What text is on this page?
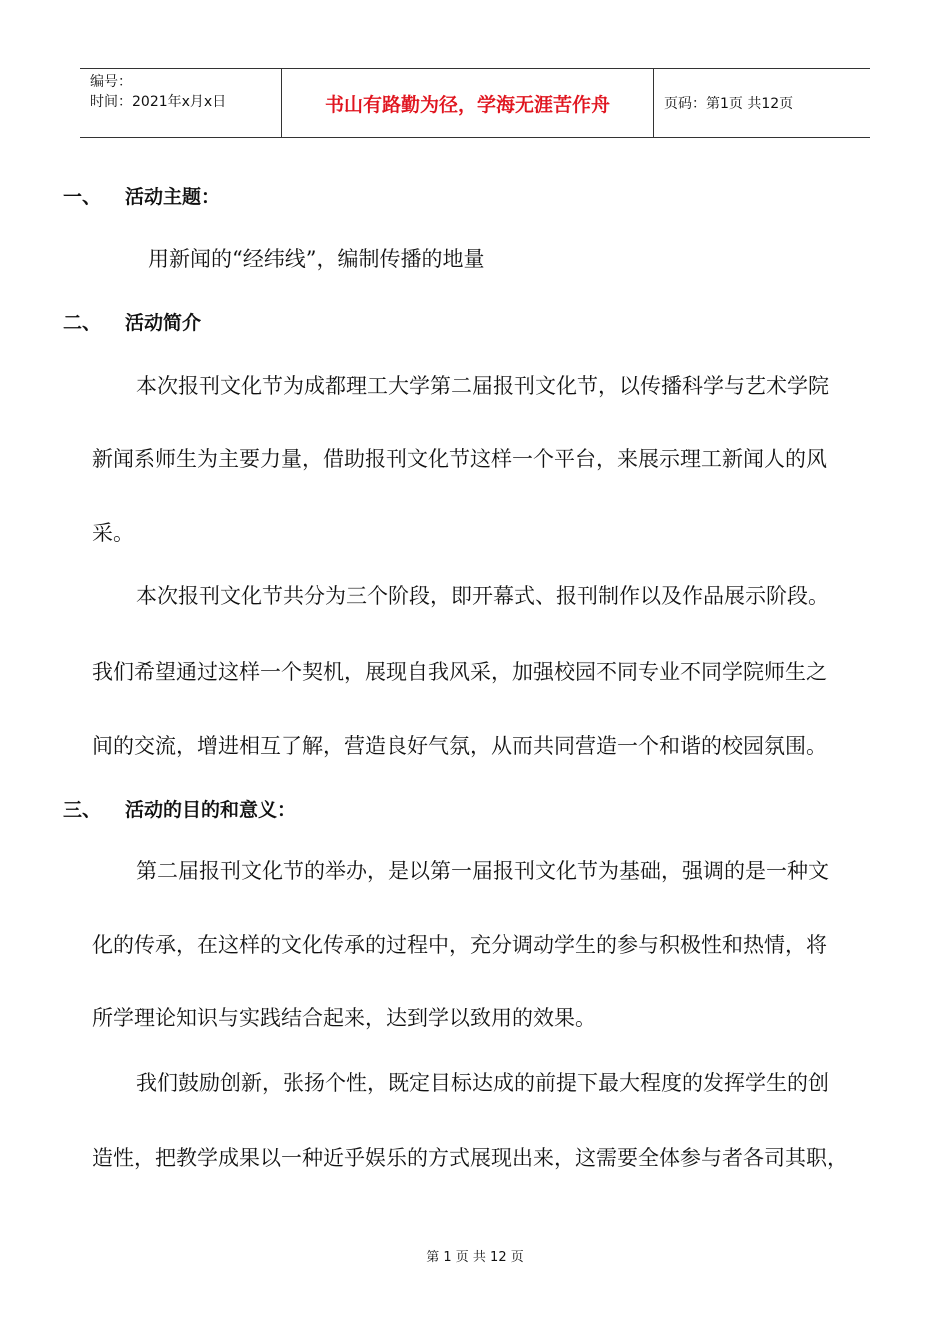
编号：
时间：2021年x月x日	书山有路勤为径，学海无涯苦作舟	页码：第1页 共12页
一、 活动主题：
用新闻的“经纬线”，编制传播的地量
二、 活动简介
本次报刊文化节为成都理工大学第二届报刊文化节，以传播科学与艺术学院
新闻系师生为主要力量，借助报刊文化节这样一个平台，来展示理工新闻人的风
采。
本次报刊文化节共分为三个阶段，即开幕式、报刊制作以及作品展示阶段。
我们希望通过这样一个契机，展现自我风采，加强校园不同专业不同学院师生之
间的交流，增进相互了解，营造良好气氛，从而共同营造一个和谐的校园氛围。
三、 活动的目的和意义：
第二届报刊文化节的举办，是以第一届报刊文化节为基础，强调的是一种文
化的传承，在这样的文化传承的过程中，充分调动学生的参与积极性和热情，将
所学理论知识与实践结合起来，达到学以致用的效果。
我们鼓励创新，张扬个性，既定目标达成的前提下最大程度的发挥学生的创
造性，把教学成果以一种近乎娱乐的方式展现出来，这需要全体参与者各司其职，
第 1 页 共 12 页
